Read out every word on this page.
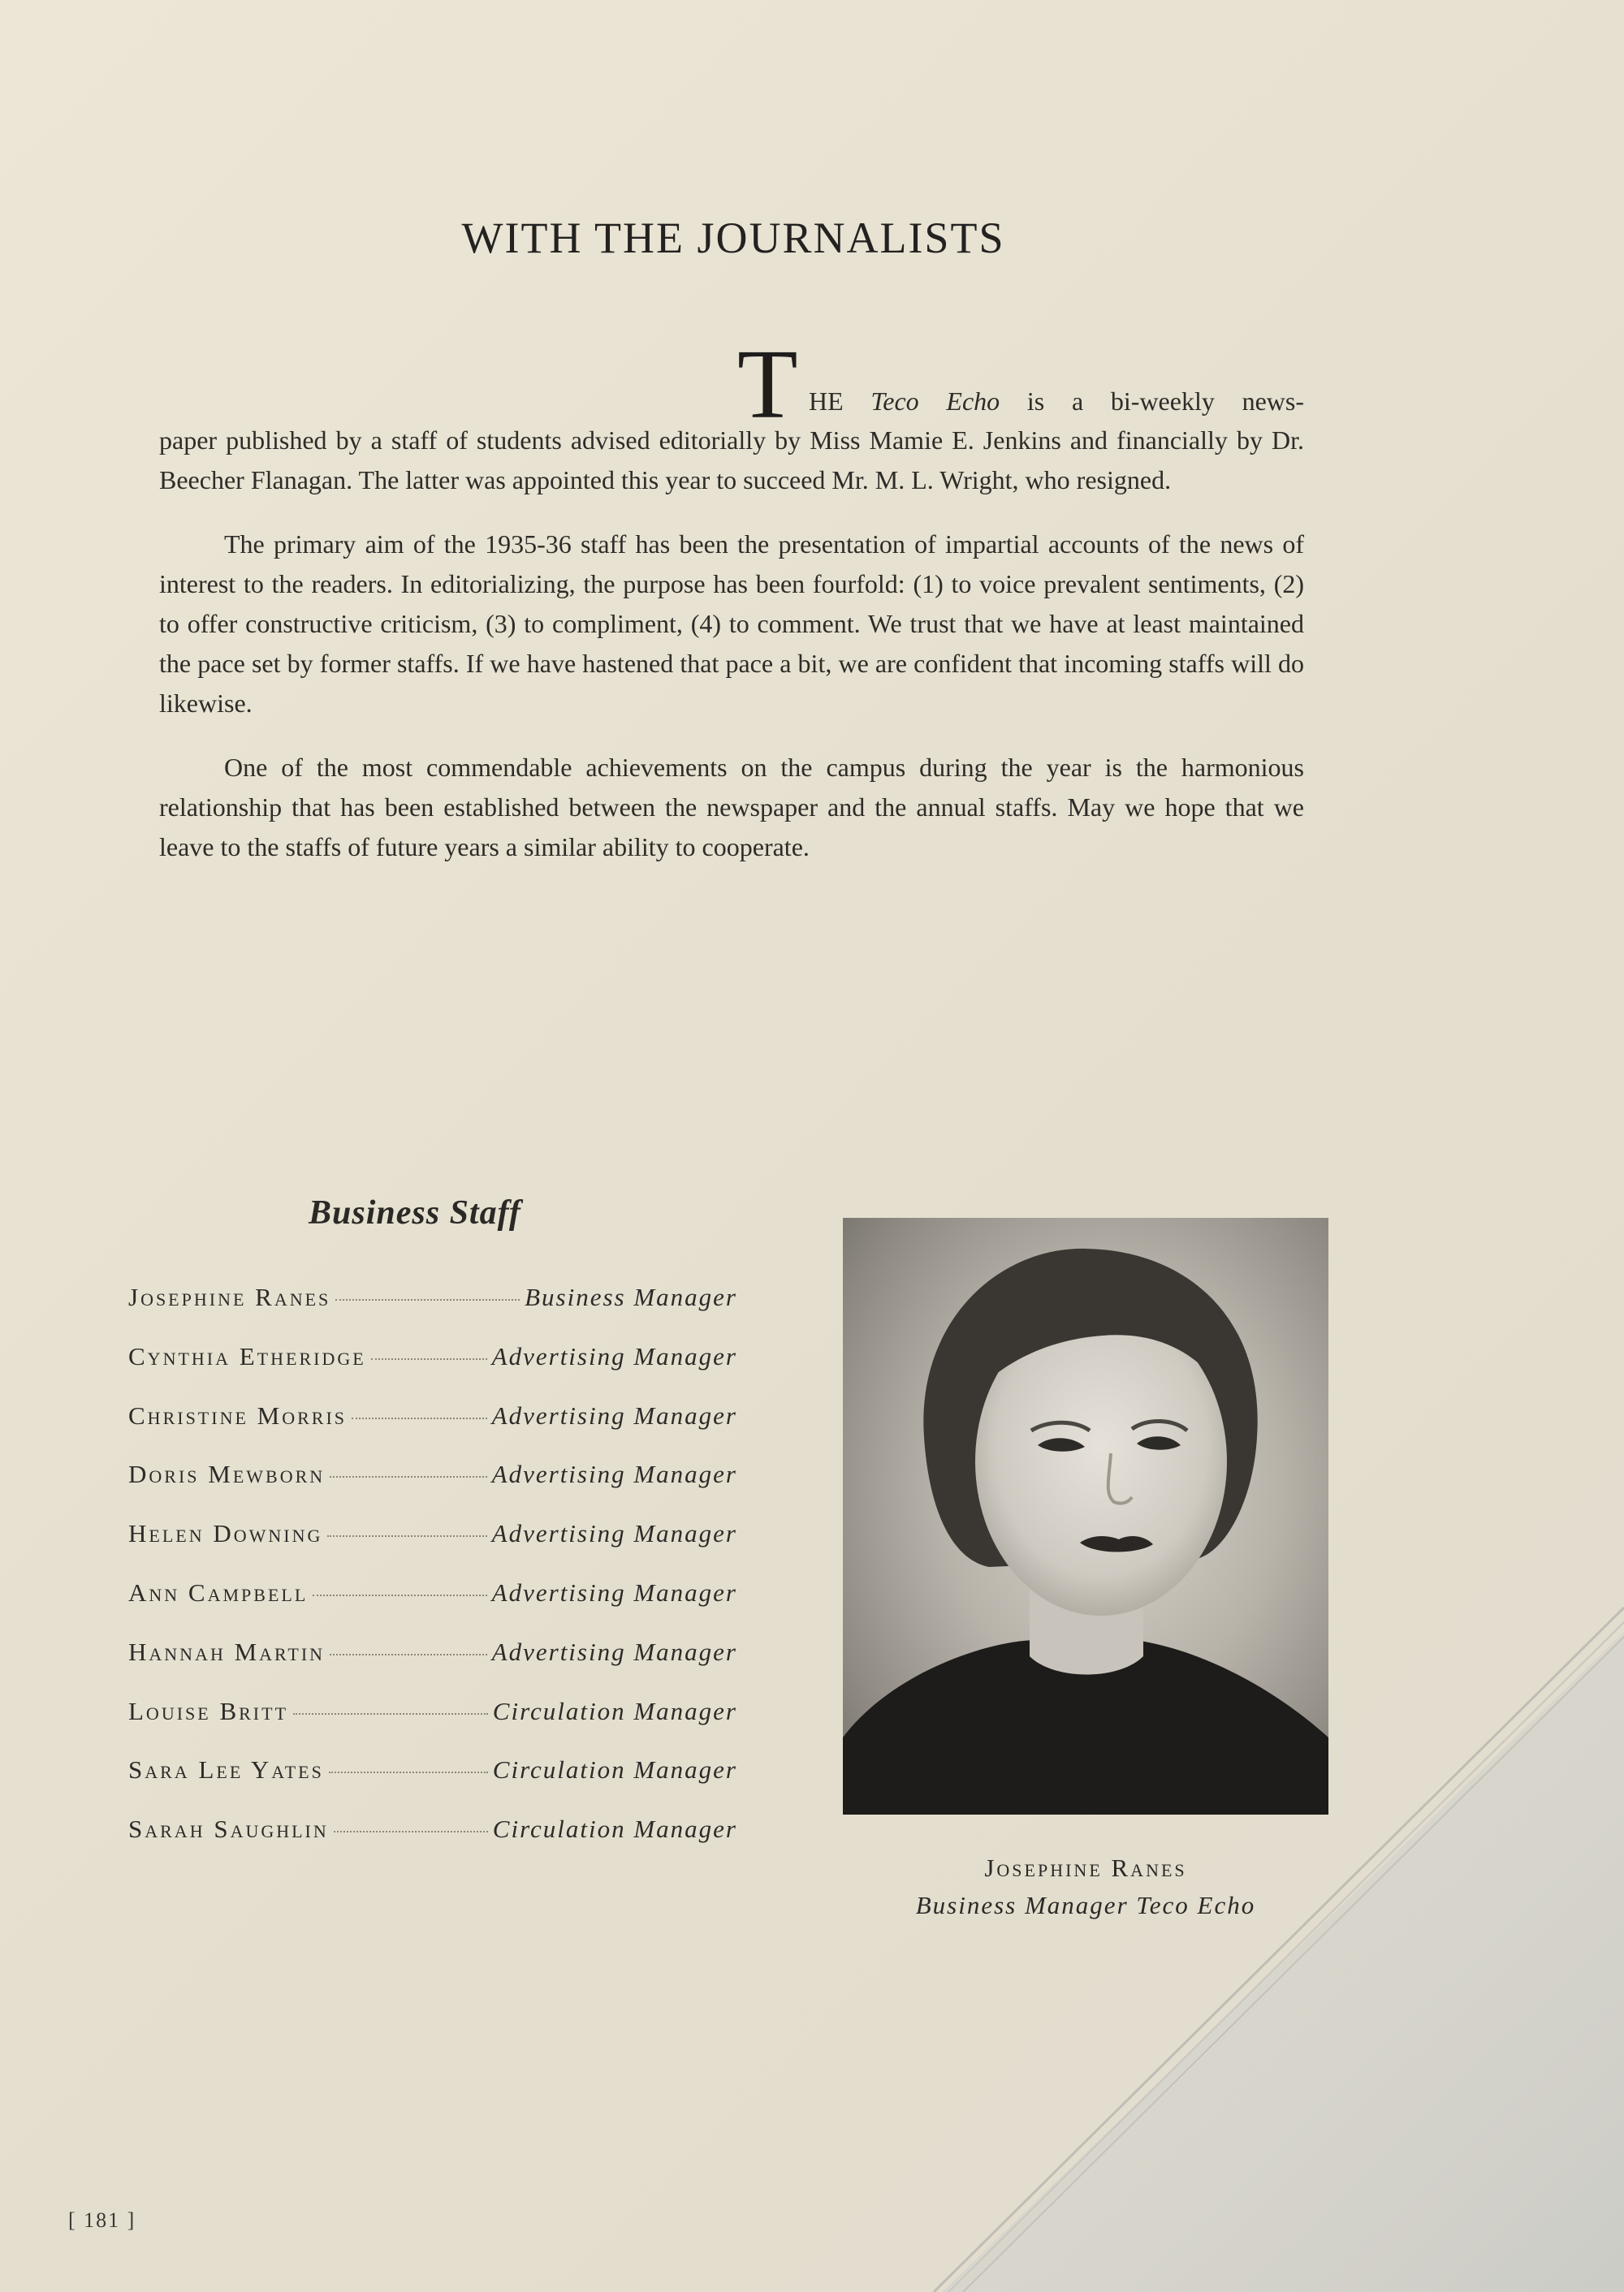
WITH THE JOURNALISTS
T HE Teco Echo is a bi-weekly news-

paper published by a staff of students advised editorially by Miss Mamie E. Jenkins and financially by Dr. Beecher Flanagan. The latter was appointed this year to succeed Mr. M. L. Wright, who resigned.

The primary aim of the 1935-36 staff has been the presentation of impartial accounts of the news of interest to the readers. In editorializing, the purpose has been fourfold: (1) to voice prevalent sentiments, (2) to offer constructive criticism, (3) to compliment, (4) to comment. We trust that we have at least maintained the pace set by former staffs. If we have hastened that pace a bit, we are confident that incoming staffs will do likewise.

One of the most commendable achievements on the campus during the year is the harmonious relationship that has been established between the newspaper and the annual staffs. May we hope that we leave to the staffs of future years a similar ability to cooperate.

Business Staff
Josephine Ranes	Business Manager
Cynthia Etheridge	Advertising Manager
Christine Morris	Advertising Manager
Doris Mewborn	Advertising Manager
Helen Downing	Advertising Manager
Ann Campbell	Advertising Manager
Hannah Martin	Advertising Manager
Louise Britt	Circulation Manager
Sara Lee Yates	Circulation Manager
Sarah Saughlin	Circulation Manager
Josephine Ranes
Business Manager Teco Echo
[ 181 ]
